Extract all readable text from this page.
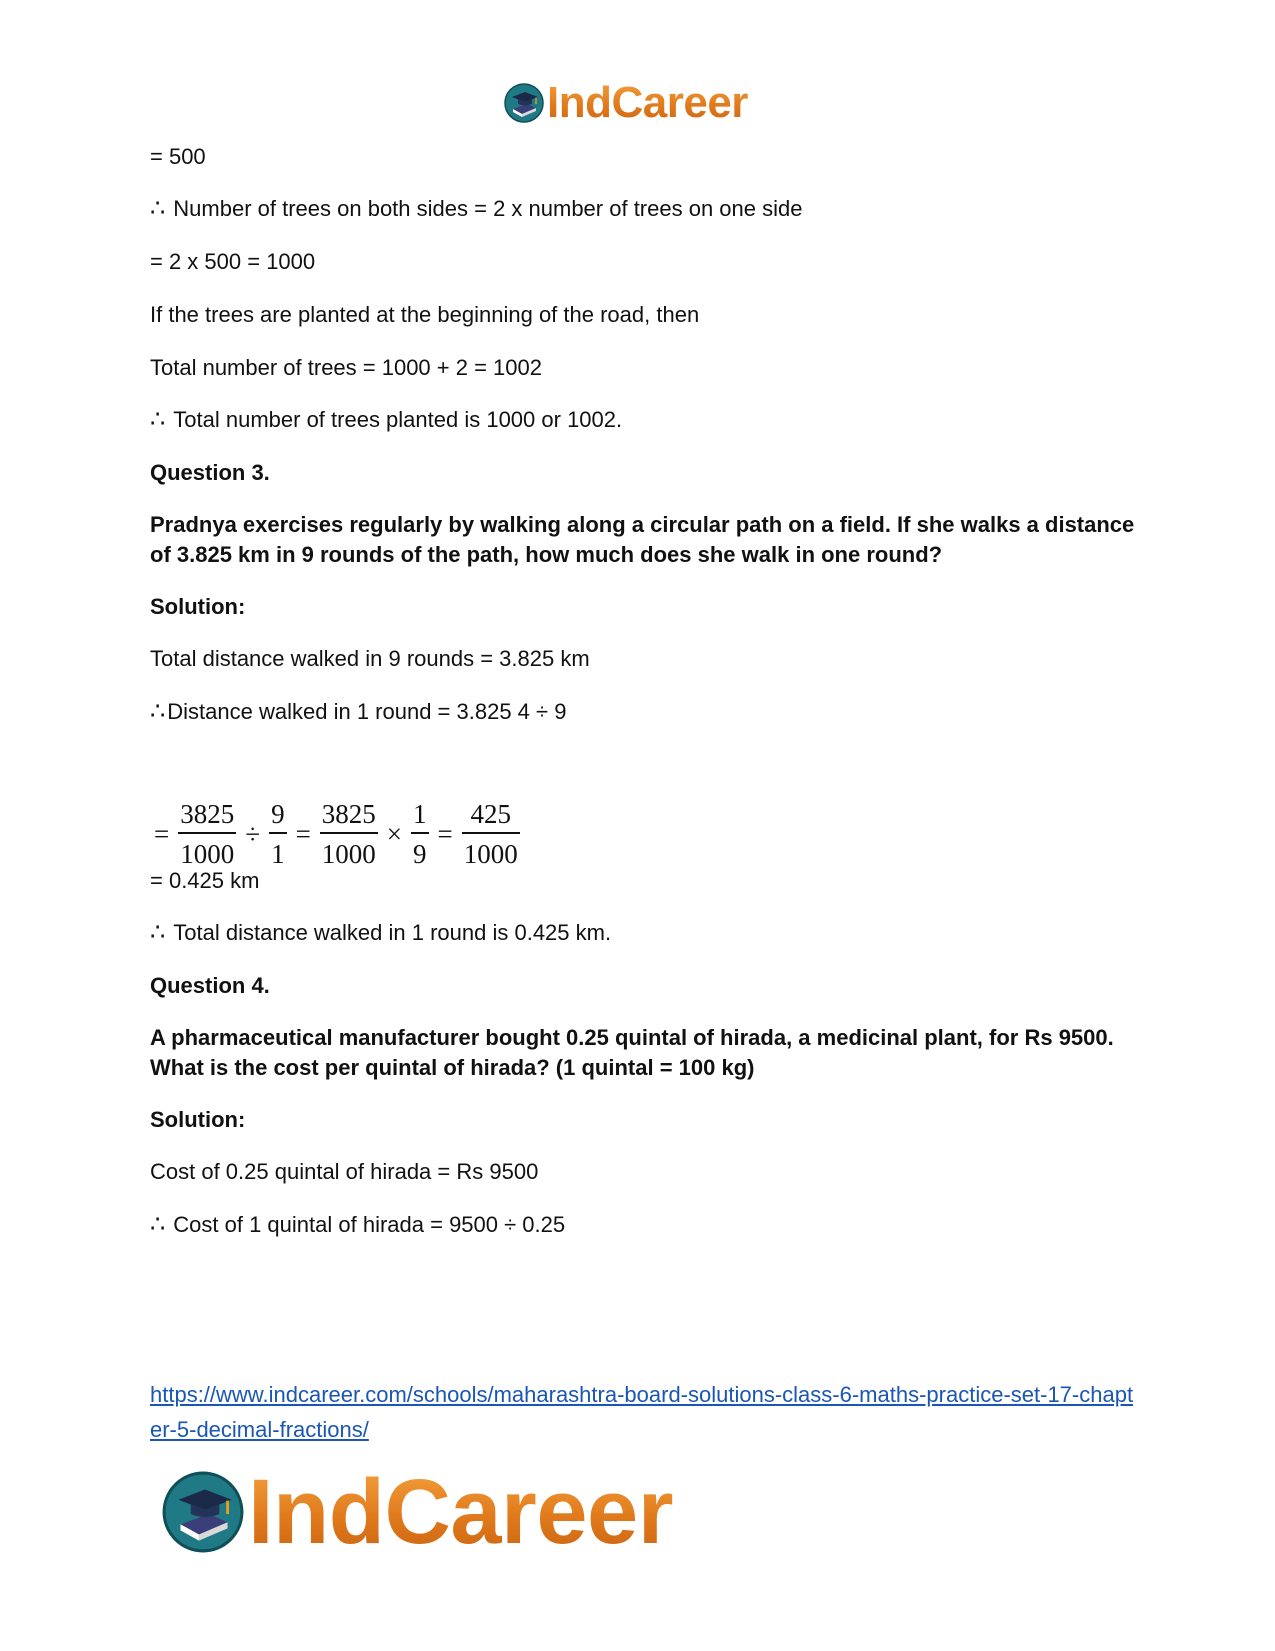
IndCareer
= 500
∴ Number of trees on both sides = 2 x number of trees on one side
= 2 x 500 = 1000
If the trees are planted at the beginning of the road, then
Total number of trees = 1000 + 2 = 1002
∴ Total number of trees planted is 1000 or 1002.
Question 3.
Pradnya exercises regularly by walking along a circular path on a field. If she walks a distance of 3.825 km in 9 rounds of the path, how much does she walk in one round?
Solution:
Total distance walked in 9 rounds = 3.825 km
∴Distance walked in 1 round = 3.825 4 ÷ 9
= 0.425 km
∴ Total distance walked in 1 round is 0.425 km.
Question 4.
A pharmaceutical manufacturer bought 0.25 quintal of hirada, a medicinal plant, for Rs 9500. What is the cost per quintal of hirada? (1 quintal = 100 kg)
Solution:
Cost of 0.25 quintal of hirada = Rs 9500
∴ Cost of 1 quintal of hirada = 9500 ÷ 0.25
= $\frac{3825}{1000} \div \frac{9}{1} = \frac{3825}{1000} \times \frac{1}{9} = \frac{425}{1000}$
https://www.indcareer.com/schools/maharashtra-board-solutions-class-6-maths-practice-set-17-chapter-5-decimal-fractions/
IndCareer
